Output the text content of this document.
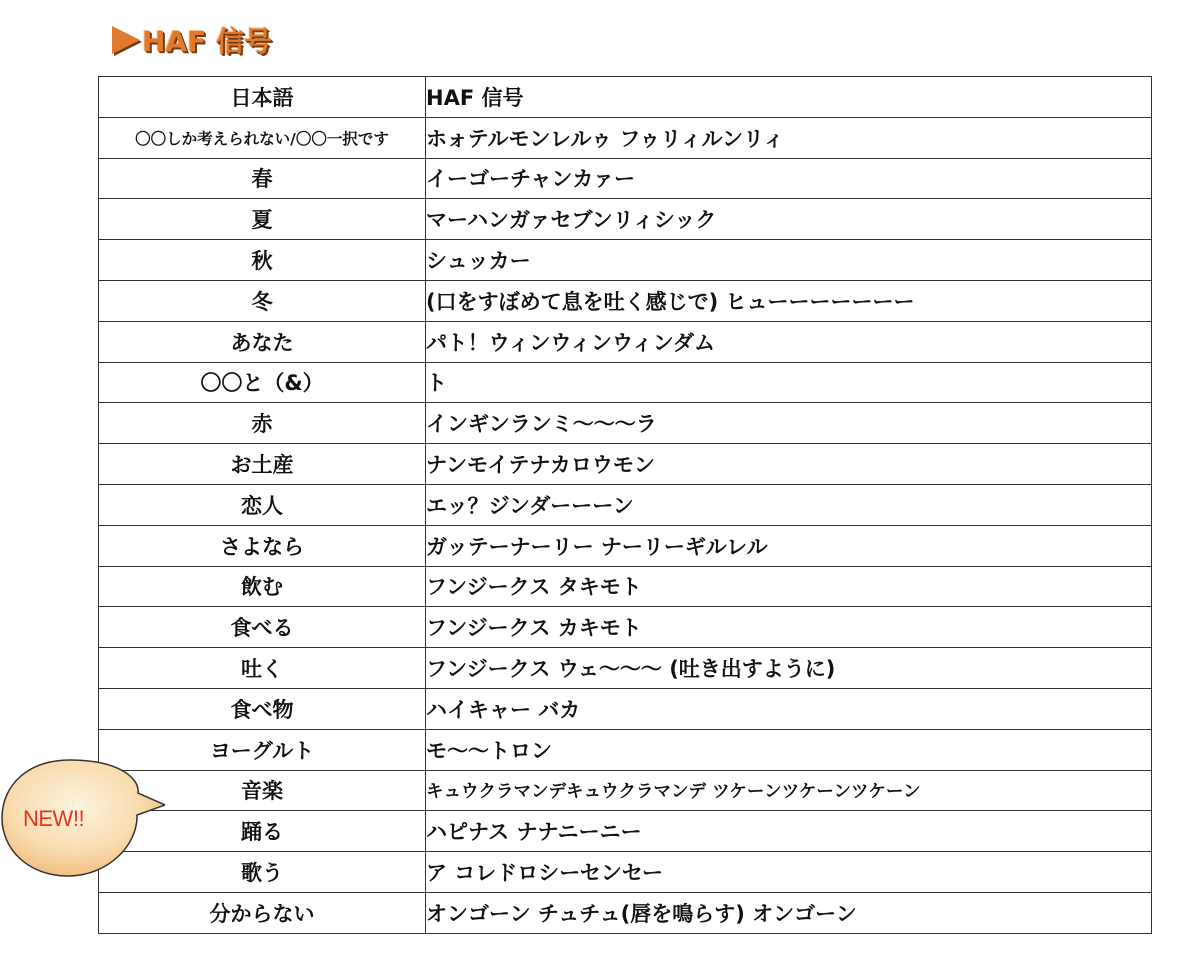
HAF 信号
日本語	HAF 信号
〇〇しか考えられない/〇〇一択です	ホォテルモンレルゥ フゥリィルンリィ
春	イーゴーチャンカァー
夏	マーハンガァセブンリィシック
秋	シュッカー
冬	(口をすぼめて息を吐く感じで) ヒューーーーーーー
あなた	パト！ウィンウィンウィンダム
〇〇と（&）	ト
赤	インギンランミ〜〜〜ラ
お土産	ナンモイテナカロウモン
恋人	エッ？ジンダーーーン
さよなら	ガッテーナーリー ナーリーギルレル
飲む	フンジークス タキモト
食べる	フンジークス カキモト
吐く	フンジークス ウェ〜〜〜 (吐き出すように)
食べ物	ハイキャー バカ
ヨーグルト	モ〜〜トロン
音楽	キュウクラマンデキュウクラマンデ ツケーンツケーンツケーン
踊る	ハピナス ナナニーニー
歌う	ア コレドロシーセンセー
分からない	オンゴーン チュチュ(唇を鳴らす) オンゴーン
NEW!!
